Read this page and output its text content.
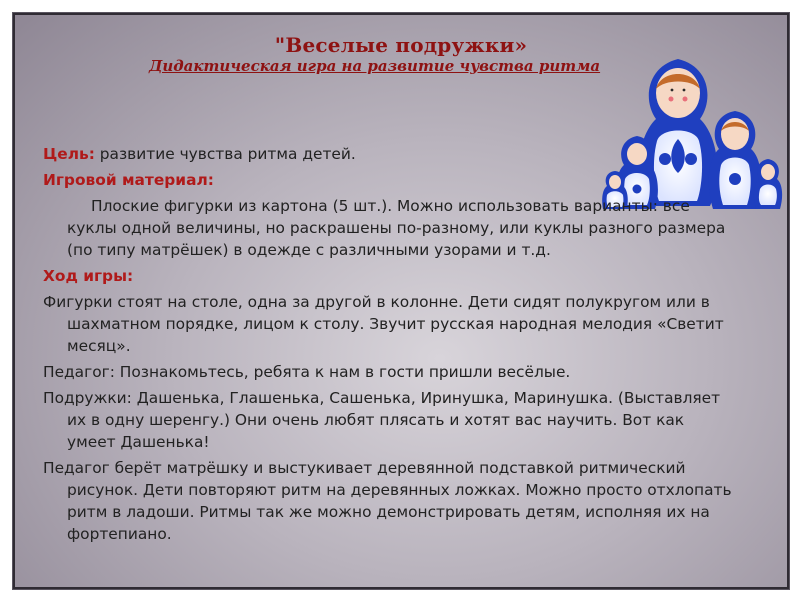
"Веселые подружки»
Дидактическая игра на развитие чувства ритма
Цель: развитие чувства ритма детей.
Игровой материал:
Плоские фигурки из картона (5 шт.). Можно использовать варианты: все куклы одной величины, но раскрашены по-разному, или куклы разного размера (по типу матрёшек) в одежде с различными узорами и т.д.
Ход игры:
Фигурки стоят на столе, одна за другой в колонне. Дети сидят полукругом или в шахматном порядке, лицом к столу. Звучит русская народная мелодия «Светит месяц».
Педагог: Познакомьтесь, ребята к нам в гости пришли весёлые.
Подружки: Дашенька, Глашенька, Сашенька, Иринушка, Маринушка. (Выставляет их в одну шеренгу.) Они очень любят плясать и хотят вас научить. Вот как умеет Дашенька!
Педагог берёт матрёшку и выстукивает деревянной подставкой ритмический рисунок. Дети повторяют ритм на деревянных ложках. Можно просто отхлопать ритм в ладоши. Ритмы так же можно демонстрировать детям, исполняя их на фортепиано.
